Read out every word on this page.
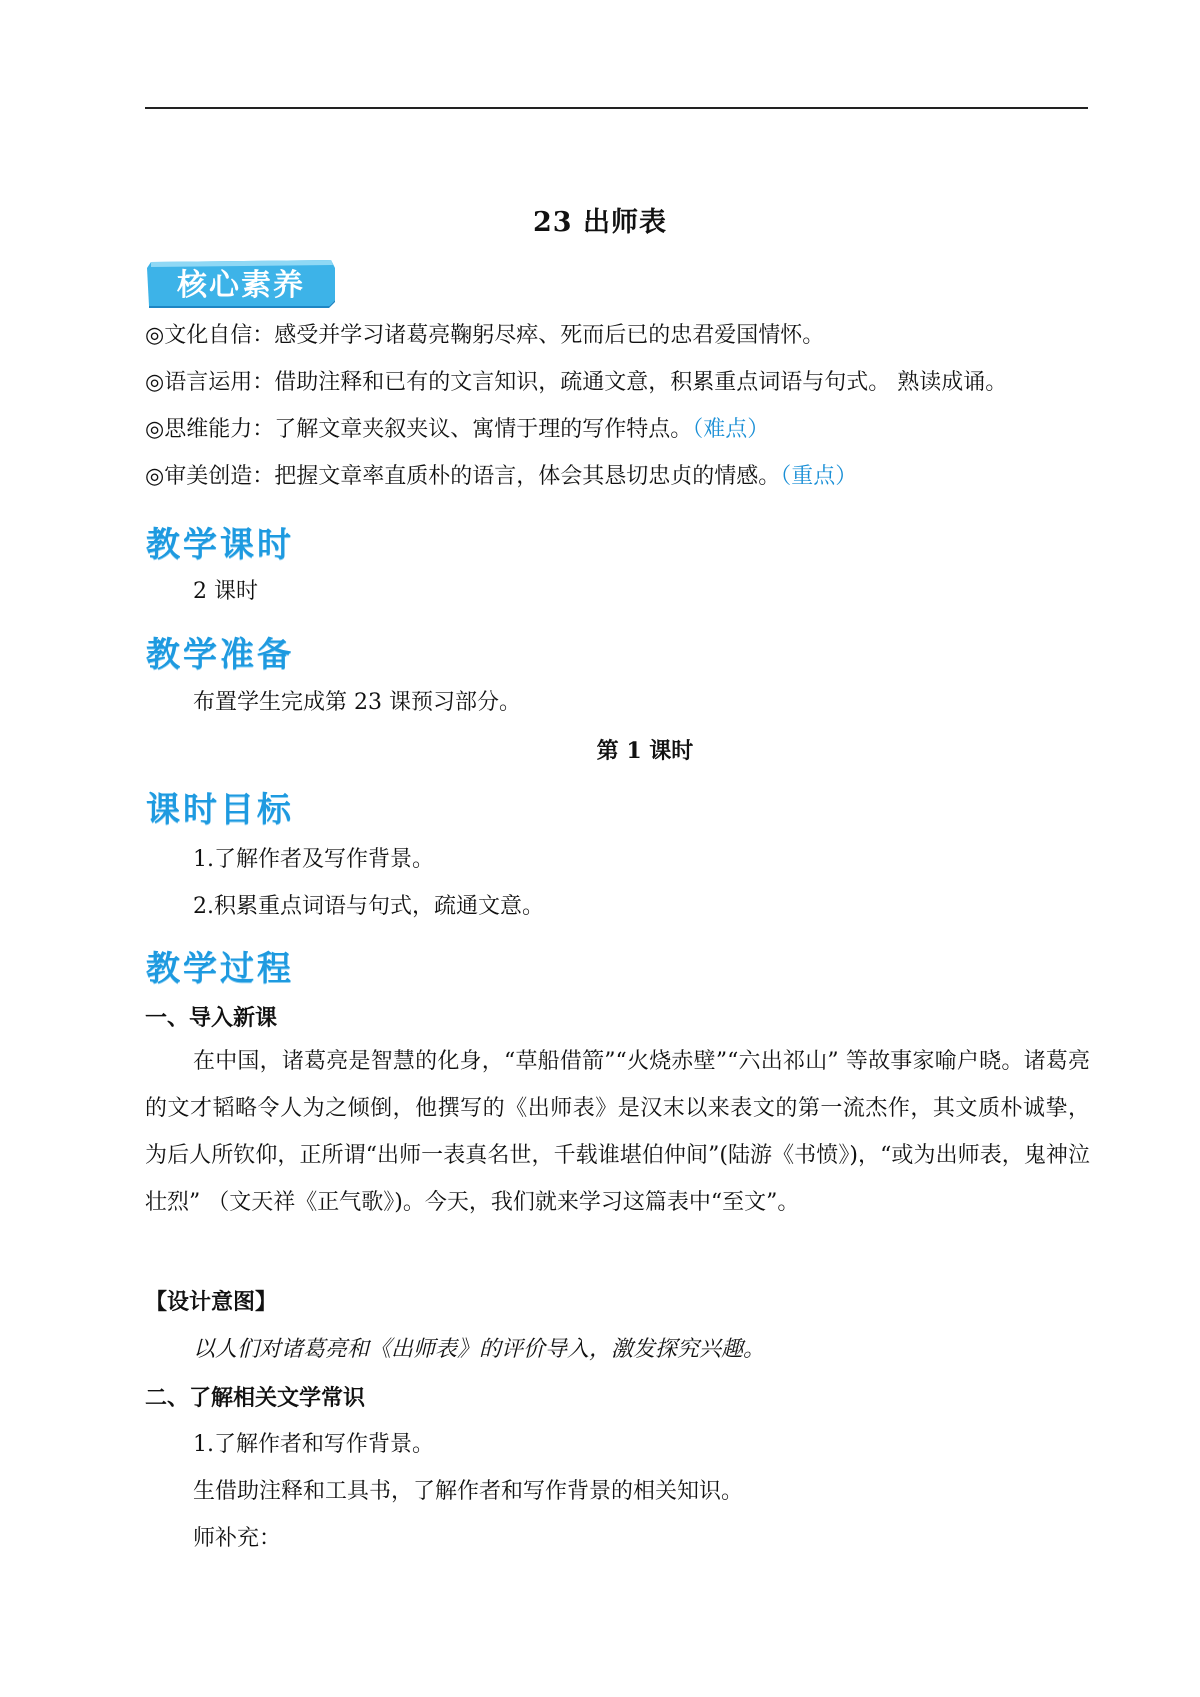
23 出师表
核心素养
◎文化自信：感受并学习诸葛亮鞠躬尽瘁、死而后已的忠君爱国情怀。
◎语言运用：借助注释和已有的文言知识，疏通文意，积累重点词语与句式。 熟读成诵。
◎思维能力：了解文章夹叙夹议、寓情于理的写作特点。（难点）
◎审美创造：把握文章率直质朴的语言，体会其恳切忠贞的情感。（重点）
教学课时
2 课时
教学准备
布置学生完成第 23 课预习部分。
第 1 课时
课时目标
1.了解作者及写作背景。
2.积累重点词语与句式，疏通文意。
教学过程
一、导入新课
在中国，诸葛亮是智慧的化身，“草船借箭”“火烧赤壁”“六出祁山” 等故事家喻户晓。诸葛亮的文才韬略令人为之倾倒，他撰写的《出师表》是汉末以来表文的第一流杰作，其文质朴诚挚，为后人所钦仰，正所谓“出师一表真名世，千载谁堪伯仲间”(陆游《书愤》)，“或为出师表，鬼神泣壮烈” （文天祥《正气歌》)。今天，我们就来学习这篇表中“至文”。
【设计意图】
以人们对诸葛亮和《出师表》的评价导入，激发探究兴趣。
二、了解相关文学常识
1.了解作者和写作背景。
生借助注释和工具书，了解作者和写作背景的相关知识。
师补充：
